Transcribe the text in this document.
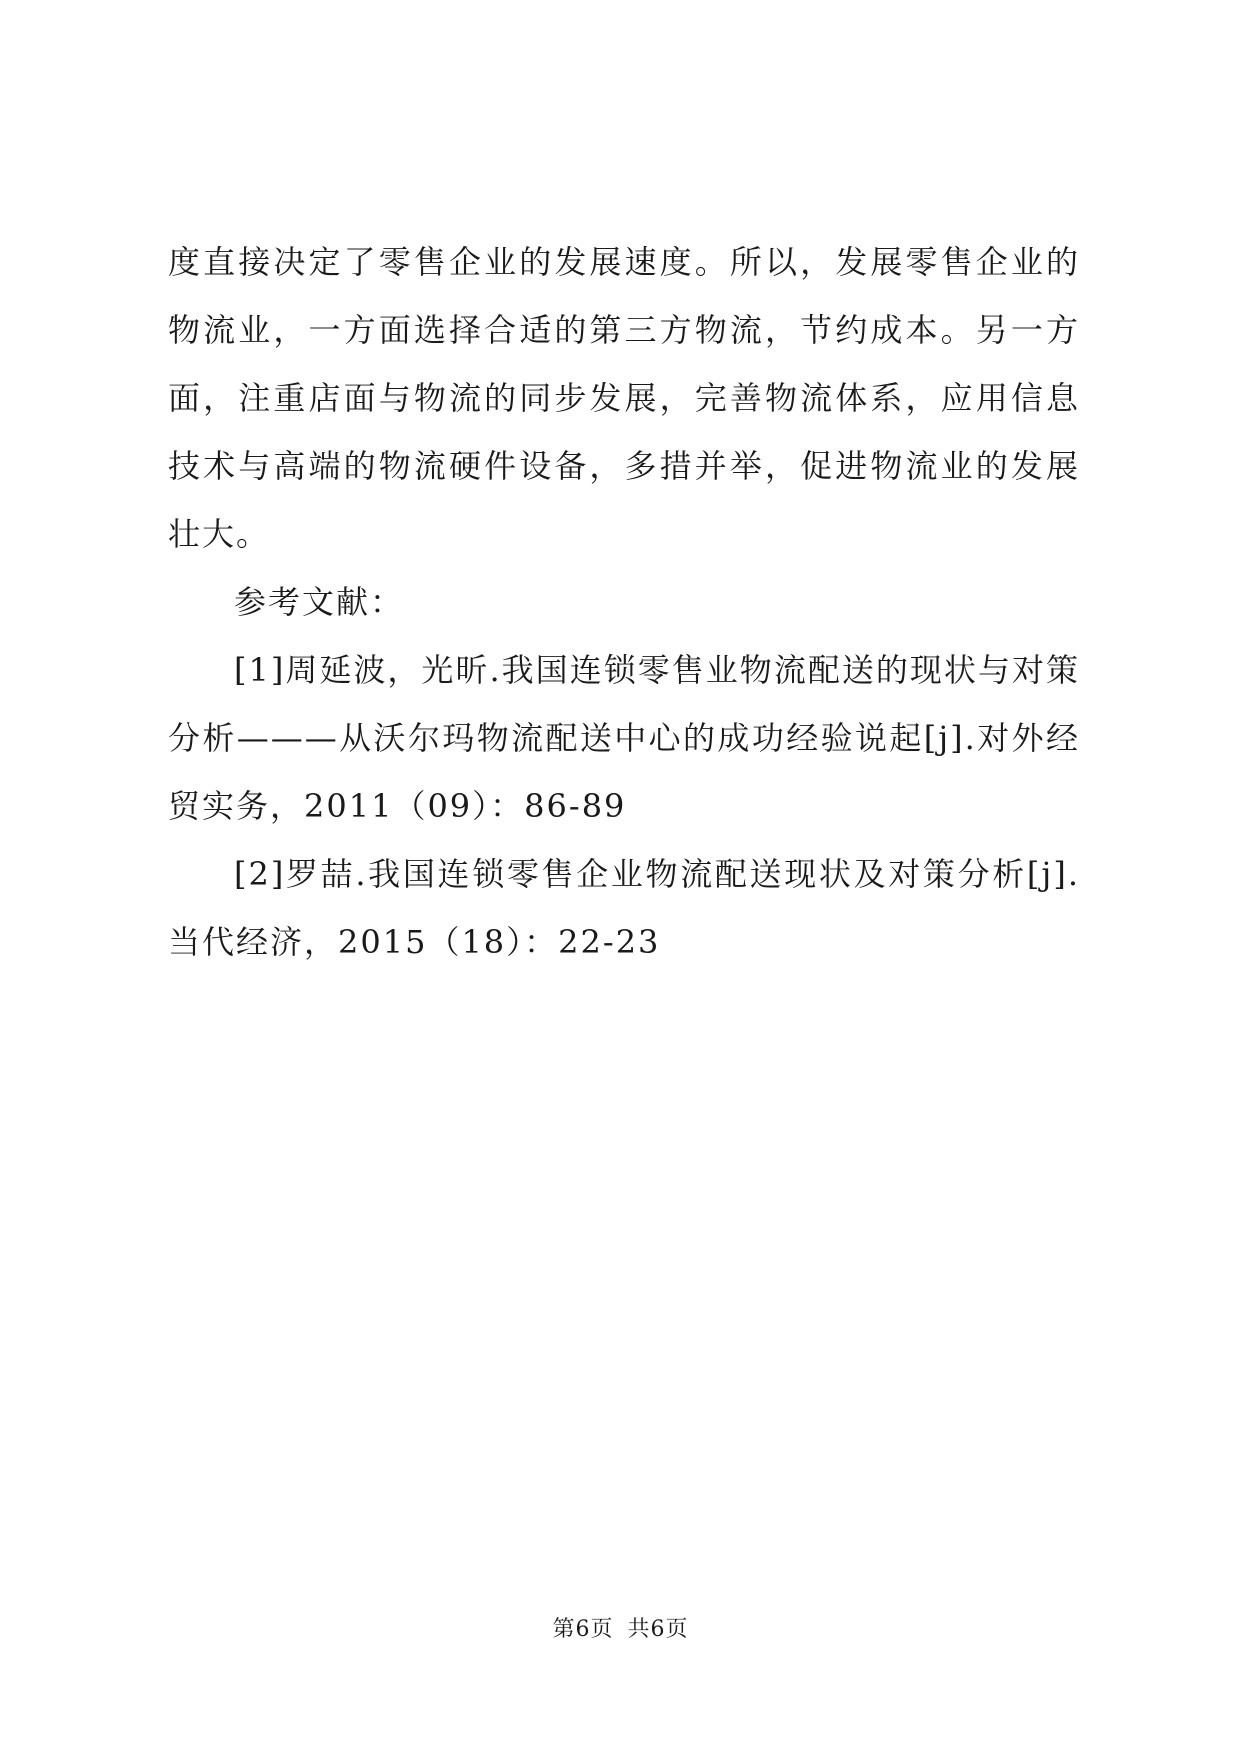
度直接决定了零售企业的发展速度。所以，发展零售企业的物流业，一方面选择合适的第三方物流，节约成本。另一方面，注重店面与物流的同步发展，完善物流体系，应用信息技术与高端的物流硬件设备，多措并举，促进物流业的发展壮大。

参考文献：

[1]周延波，光昕.我国连锁零售业物流配送的现状与对策分析———从沃尔玛物流配送中心的成功经验说起[j].对外经贸实务，2011（09）：86-89

[2]罗喆.我国连锁零售企业物流配送现状及对策分析[j].当代经济，2015（18）：22-23

第6页 共6页
